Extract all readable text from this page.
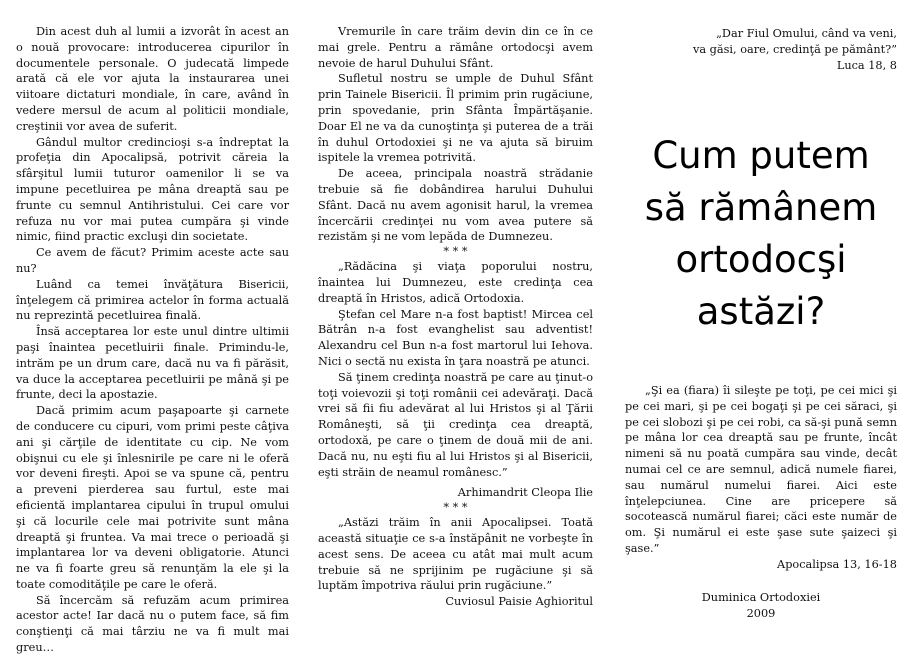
Din acest duh al lumii a izvorât în acest an o nouă provocare: introducerea cipurilor în documentele personale. O judecată limpede arată că ele vor ajuta la instaurarea unei viitoare dictaturi mondiale, în care, având în vedere mersul de acum al politicii mondiale, creştinii vor avea de suferit.

Gândul multor credincioşi s-a îndreptat la profeţia din Apocalipsă, potrivit căreia la sfârşitul lumii tuturor oamenilor li se va impune pecetluirea pe mâna dreaptă sau pe frunte cu semnul Antihristului. Cei care vor refuza nu vor mai putea cumpăra şi vinde nimic, fiind practic excluşi din societate.

Ce avem de făcut? Primim aceste acte sau nu?

Luând ca temei învăţătura Bisericii, înţelegem că primirea actelor în forma actuală nu reprezintă pecetluirea finală.

Însă acceptarea lor este unul dintre ultimii paşi înaintea pecetluirii finale. Primindu-le, intrăm pe un drum care, dacă nu va fi părăsit, va duce la acceptarea pecetluirii pe mână şi pe frunte, deci la apostazie.

Dacă primim acum paşapoarte şi carnete de conducere cu cipuri, vom primi peste câţiva ani şi cărţile de identitate cu cip. Ne vom obişnui cu ele şi înlesnirile pe care ni le oferă vor deveni fireşti. Apoi se va spune că, pentru a preveni pierderea sau furtul, este mai eficientă implantarea cipului în trupul omului şi că locurile cele mai potrivite sunt mâna dreaptă şi fruntea. Va mai trece o perioadă şi implantarea lor va deveni obligatorie. Atunci ne va fi foarte greu să renunţăm la ele şi la toate comodităţile pe care le oferă.

Să încercăm să refuzăm acum primirea acestor acte! Iar dacă nu o putem face, să fim conştienţi că mai târziu ne va fi mult mai greu…

Vremurile în care trăim devin din ce în ce mai grele. Pentru a rămâne ortodocşi avem nevoie de harul Duhului Sfânt.

Sufletul nostru se umple de Duhul Sfânt prin Tainele Bisericii. Îl primim prin rugăciune, prin spovedanie, prin Sfânta Împărtăşanie. Doar El ne va da cunoştinţa şi puterea de a trăi în duhul Ortodoxiei şi ne va ajuta să biruim ispitele la vremea potrivită.

De aceea, principala noastră strădanie trebuie să fie dobândirea harului Duhului Sfânt. Dacă nu avem agonisit harul, la vremea încercării credinţei nu vom avea putere să rezistăm şi ne vom lepăda de Dumnezeu.

* * *

„Rădăcina şi viaţa poporului nostru, înaintea lui Dumnezeu, este credinţa cea dreaptă în Hristos, adică Ortodoxia.

Ştefan cel Mare n-a fost baptist! Mircea cel Bătrân n-a fost evanghelist sau adventist! Alexandru cel Bun n-a fost martorul lui Iehova. Nici o sectă nu exista în ţara noastră pe atunci.

Să ţinem credinţa noastră pe care au ţinut-o toţi voievozii şi toţi românii cei adevăraţi. Dacă vrei să fii fiu adevărat al lui Hristos şi al Ţării Româneşti, să ţii credinţa cea dreaptă, ortodoxă, pe care o ţinem de două mii de ani. Dacă nu, nu eşti fiu al lui Hristos şi al Bisericii, eşti străin de neamul românesc.”

Arhimandrit Cleopa Ilie

* * *

„Astăzi trăim în anii Apocalipsei. Toată această situaţie ce s-a înstăpânit ne vorbeşte în acest sens. De aceea cu atât mai mult acum trebuie să ne sprijinim pe rugăciune şi să luptăm împotriva răului prin rugăciune.”

Cuviosul Paisie Aghioritul

„Dar Fiul Omului, când va veni,

va găsi, oare, credinţă pe pământ?”

Luca 18, 8

Cum putem
să rămânem
ortodocşi
astăzi?

„Şi ea (fiara) îi sileşte pe toţi, pe cei mici şi pe cei mari, şi pe cei bogaţi şi pe cei săraci, şi pe cei slobozi şi pe cei robi, ca să-şi pună semn pe mâna lor cea dreaptă sau pe frunte, încât nimeni să nu poată cumpăra sau vinde, decât numai cel ce are semnul, adică numele fiarei, sau numărul numelui fiarei. Aici este înţelepciunea. Cine are pricepere să socotească numărul fiarei; căci este număr de om. Şi numărul ei este şase sute şaizeci şi şase.”

Apocalipsa 13, 16-18

Duminica Ortodoxiei
2009
